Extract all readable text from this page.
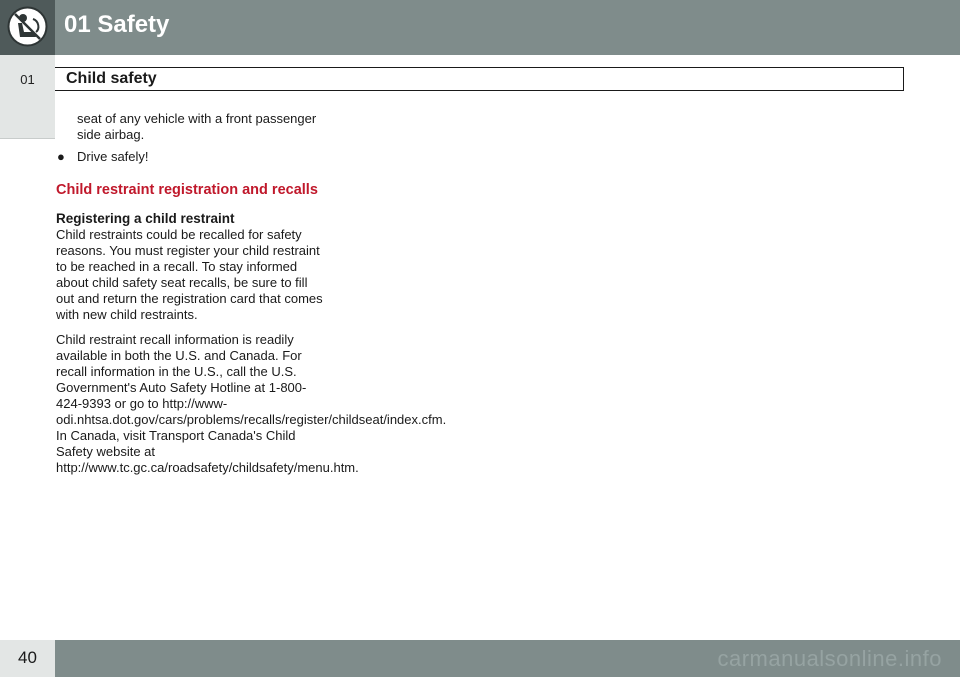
01 Safety
01	Child safety

seat of any vehicle with a front passenger side airbag.

● Drive safely!
Child restraint registration and recalls
Registering a child restraint

Child restraints could be recalled for safety reasons. You must register your child restraint to be reached in a recall. To stay informed about child safety seat recalls, be sure to fill out and return the registration card that comes with new child restraints.

Child restraint recall information is readily available in both the U.S. and Canada. For recall information in the U.S., call the U.S. Government's Auto Safety Hotline at 1-800-424-9393 or go to http://www-odi.nhtsa.dot.gov/cars/problems/recalls/register/childseat/index.cfm. In Canada, visit Transport Canada's Child Safety website at http://www.tc.gc.ca/roadsafety/childsafety/menu.htm.

40	carmanualsonline.info
